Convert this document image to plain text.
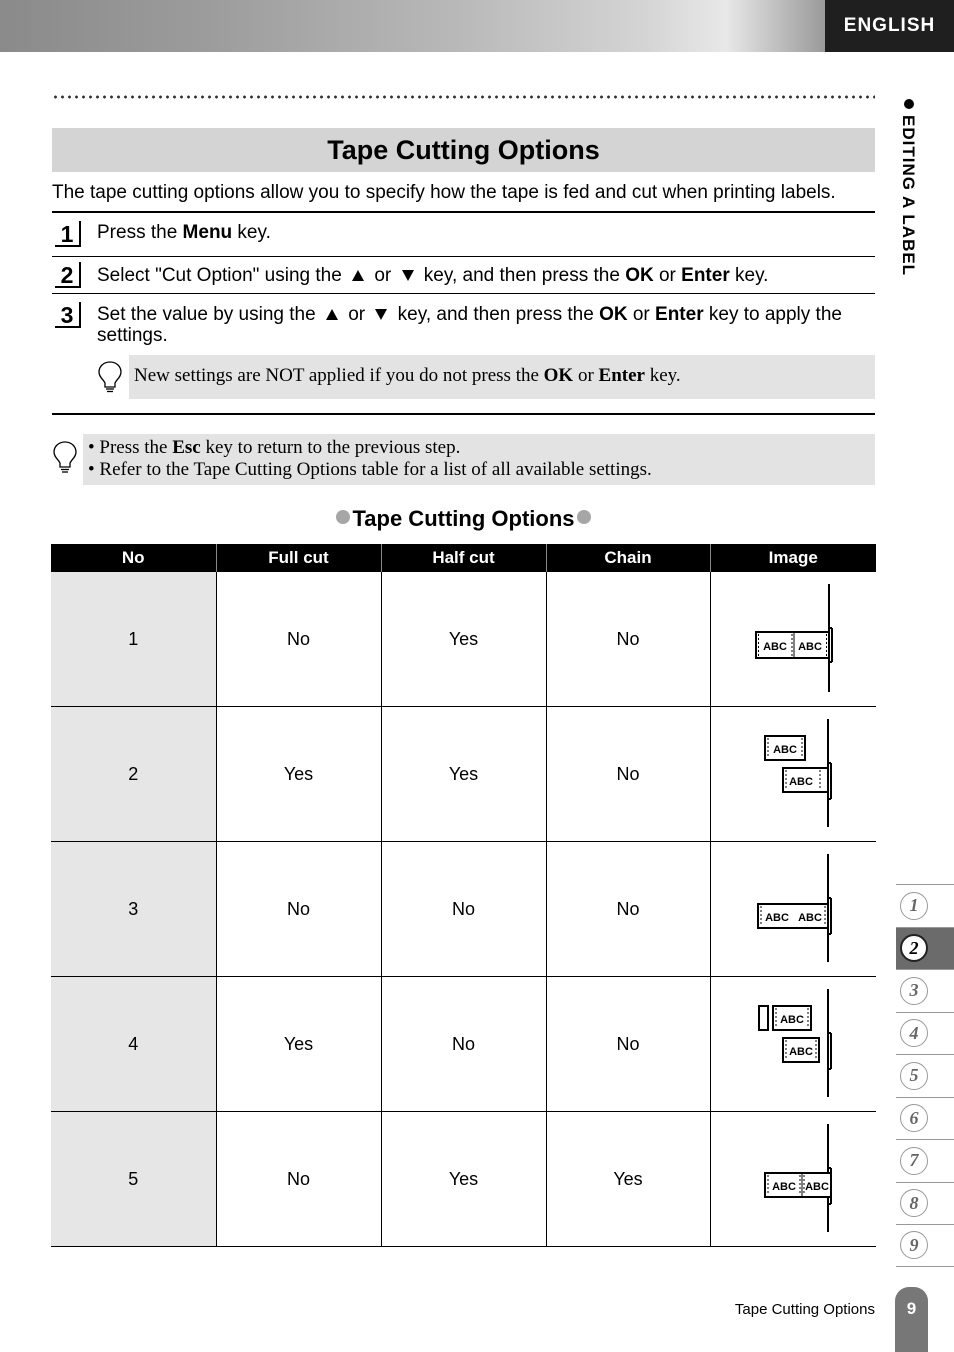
ENGLISH
EDITING A LABEL
Tape Cutting Options
The tape cutting options allow you to specify how the tape is fed and cut when printing labels.
1	Press the Menu key.
2	Select "Cut Option" using the  or  key, and then press the OK or Enter key.
3	Set the value by using the  or  key, and then press the OK or Enter key to apply the settings.
New settings are NOT applied if you do not press the OK or Enter key.
• Press the Esc key to return to the previous step.
• Refer to the Tape Cutting Options table for a list of all available settings.
Tape Cutting Options
No	Full cut	Half cut	Chain	Image
1	No	Yes	No	ABC ABC

2	Yes	Yes	No	ABC
ABC

3	No	No	No	ABC ABC

4	Yes	No	No	ABC
ABC

5	No	Yes	Yes	ABC ABC
1
2
3
4
5
6
7
8
9
Tape Cutting Options	9
